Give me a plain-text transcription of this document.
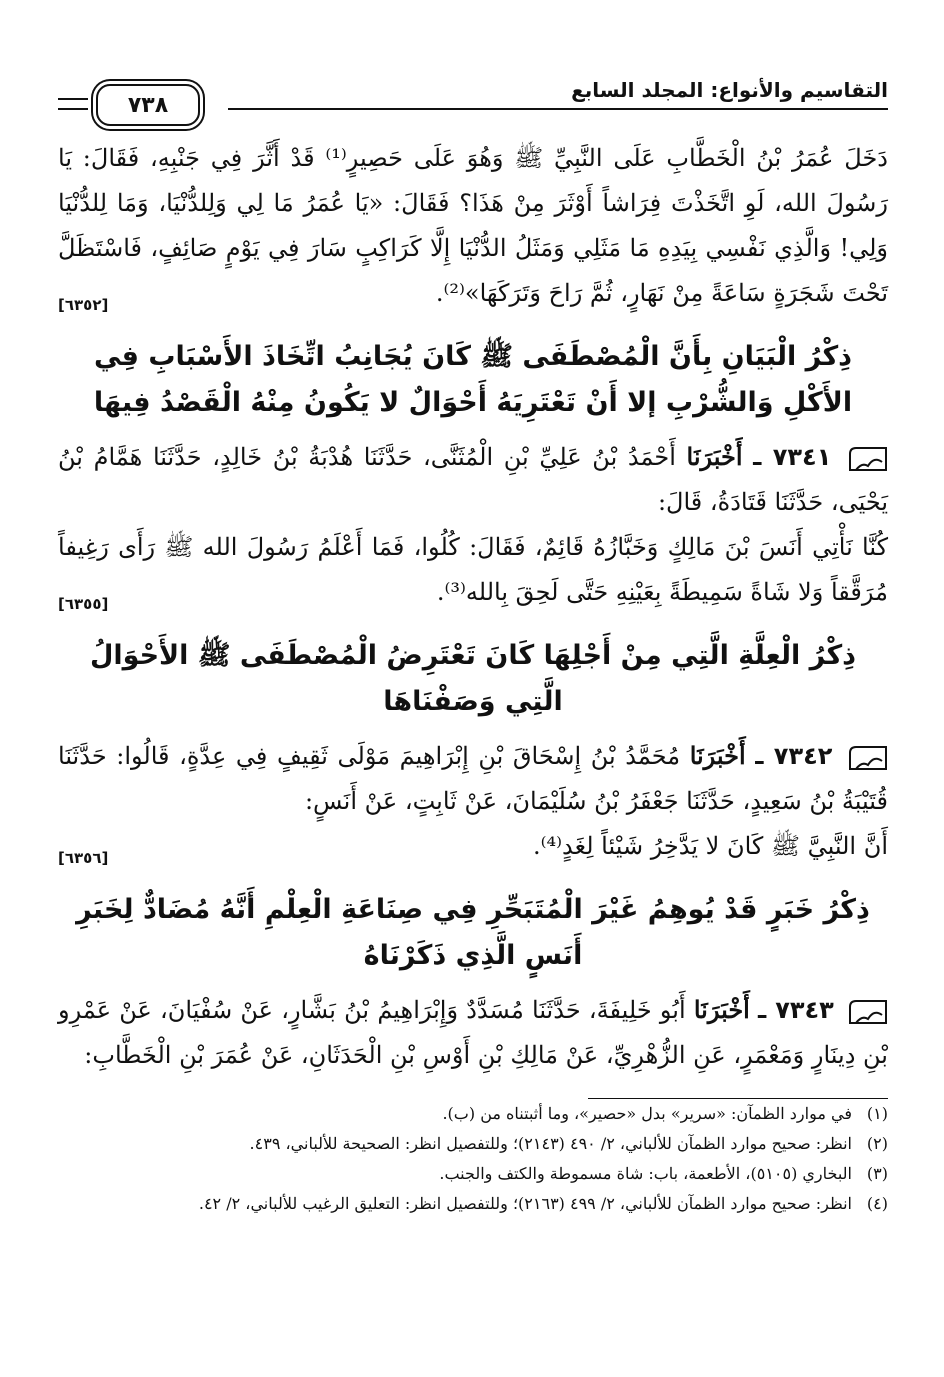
التقاسيم والأنواع: المجلد السابع
٧٣٨

دَخَلَ عُمَرُ بْنُ الْخَطَّابِ عَلَى النَّبِيِّ ﷺ وَهُوَ عَلَى حَصِيرٍ⁽¹⁾ قَدْ أَثَّرَ فِي جَنْبِهِ، فَقَالَ: يَا رَسُولَ الله، لَوِ اتَّخَذْتَ فِرَاشاً أَوْثَرَ مِنْ هَذَا؟ فَقَالَ: «يَا عُمَرُ مَا لِي وَلِلدُّنْيَا، وَمَا لِلدُّنْيَا وَلِي! وَالَّذِي نَفْسِي بِيَدِهِ مَا مَثَلِي وَمَثَلُ الدُّنْيَا إِلَّا كَرَاكِبٍ سَارَ فِي يَوْمٍ صَائِفٍ، فَاسْتَظَلَّ تَحْتَ شَجَرَةٍ سَاعَةً مِنْ نَهَارٍ، ثُمَّ رَاحَ وَتَرَكَهَا»⁽²⁾.

[٦٣٥٢]
ذِكْرُ الْبَيَانِ بِأَنَّ الْمُصْطَفَى ﷺ كَانَ يُجَانِبُ اتِّخَاذَ الأَسْبَابِ فِي الأَكْلِ وَالشُّرْبِ إلا أَنْ تَعْتَرِيَهُ أَحْوَالٌ لا يَكُونُ مِنْهُ الْقَصْدُ فِيهَا

٧٣٤١ ـ أَخْبَرَنَا أَحْمَدُ بْنُ عَلِيِّ بْنِ الْمُثَنَّى، حَدَّثَنَا هُدْبَةُ بْنُ خَالِدٍ، حَدَّثَنَا هَمَّامُ بْنُ يَحْيَى، حَدَّثَنَا قَتَادَةُ، قَالَ:

كُنَّا نَأْتِي أَنَسَ بْنَ مَالِكٍ وَخَبَّازُهُ قَائِمٌ، فَقَالَ: كُلُوا، فَمَا أَعْلَمُ رَسُولَ الله ﷺ رَأَى رَغِيفاً مُرَقَّقاً وَلا شَاةً سَمِيطَةً بِعَيْنِهِ حَتَّى لَحِقَ بِالله⁽³⁾.

[٦٣٥٥]
ذِكْرُ الْعِلَّةِ الَّتِي مِنْ أَجْلِهَا كَانَ تَعْتَرِضُ الْمُصْطَفَى ﷺ الأَحْوَالُ الَّتِي وَصَفْنَاهَا

٧٣٤٢ ـ أَخْبَرَنَا مُحَمَّدُ بْنُ إِسْحَاقَ بْنِ إِبْرَاهِيمَ مَوْلَى ثَقِيفٍ فِي عِدَّةٍ، قَالُوا: حَدَّثَنَا قُتَيْبَةُ بْنُ سَعِيدٍ، حَدَّثَنَا جَعْفَرُ بْنُ سُلَيْمَانَ، عَنْ ثَابِتٍ، عَنْ أَنَسٍ:

أَنَّ النَّبِيَّ ﷺ كَانَ لا يَدَّخِرُ شَيْئاً لِغَدٍ⁽⁴⁾.

[٦٣٥٦]
ذِكْرُ خَبَرٍ قَدْ يُوهِمُ غَيْرَ الْمُتَبَحِّرِ فِي صِنَاعَةِ الْعِلْمِ أَنَّهُ مُضَادٌّ لِخَبَرِ أَنَسٍ الَّذِي ذَكَرْنَاهُ

٧٣٤٣ ـ أَخْبَرَنَا أَبُو خَلِيفَةَ، حَدَّثَنَا مُسَدَّدٌ وَإِبْرَاهِيمُ بْنُ بَشَّارٍ، عَنْ سُفْيَانَ، عَنْ عَمْرِو بْنِ دِينَارٍ وَمَعْمَرٍ، عَنِ الزُّهْرِيِّ، عَنْ مَالِكِ بْنِ أَوْسِ بْنِ الْحَدَثَانِ، عَنْ عُمَرَ بْنِ الْخَطَّابِ:

(١)
في موارد الظمآن: «سرير» بدل «حصير»، وما أثبتناه من (ب).
(٢)
انظر: صحيح موارد الظمآن للألباني، ٢/ ٤٩٠ (٢١٤٣)؛ وللتفصيل انظر: الصحيحة للألباني، ٤٣٩.
(٣)
البخاري (٥١٠٥)، الأطعمة، باب: شاة مسموطة والكتف والجنب.
(٤)
انظر: صحيح موارد الظمآن للألباني، ٢/ ٤٩٩ (٢١٦٣)؛ وللتفصيل انظر: التعليق الرغيب للألباني، ٢/ ٤٢.
